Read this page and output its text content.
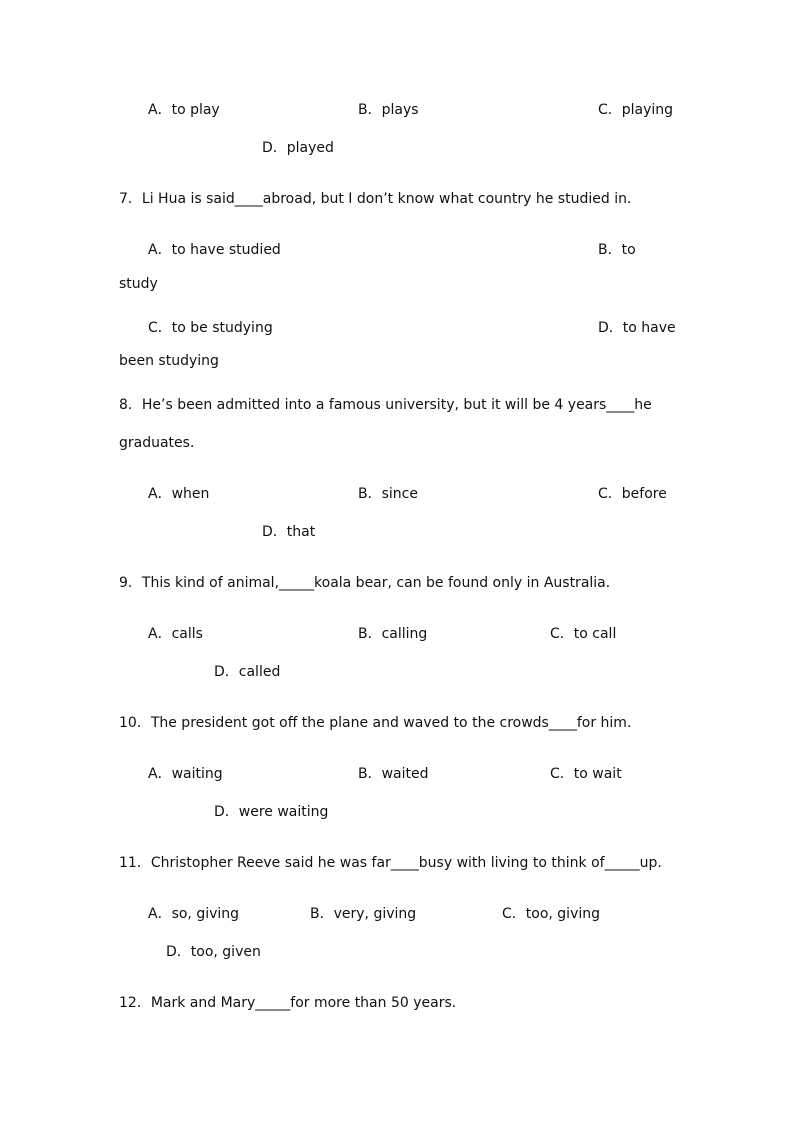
A．to play	B．plays	C．playing
D．played
7．Li Hua is said____abroad, but I don’t know what country he studied in．
A．to have studied	B．to
study
C．to be studying	D．to have
been studying
8．He’s been admitted into a famous university, but it will be 4 years____he
graduates．
A．when	B．since	C．before
D．that
9．This kind of animal,_____koala bear, can be found only in Australia．
A．calls	B．calling	C．to call
D．called
10．The president got off the plane and waved to the crowds____for him．
A．waiting	B．waited	C．to wait
D．were waiting
11．Christopher Reeve said he was far____busy with living to think of_____up．
A．so, giving	B．very, giving	C．too, giving
D．too, given
12．Mark and Mary_____for more than 50 years．
